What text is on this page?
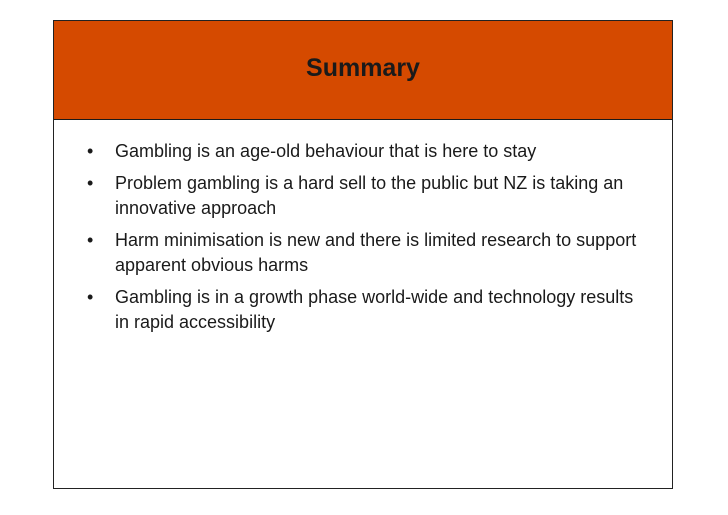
Summary
• Gambling is an age-old behaviour that is here to stay
• Problem gambling is a hard sell to the public but NZ is taking an innovative approach
• Harm minimisation is new and there is limited research to support apparent obvious harms
• Gambling is in a growth phase world-wide and technology results in rapid accessibility
